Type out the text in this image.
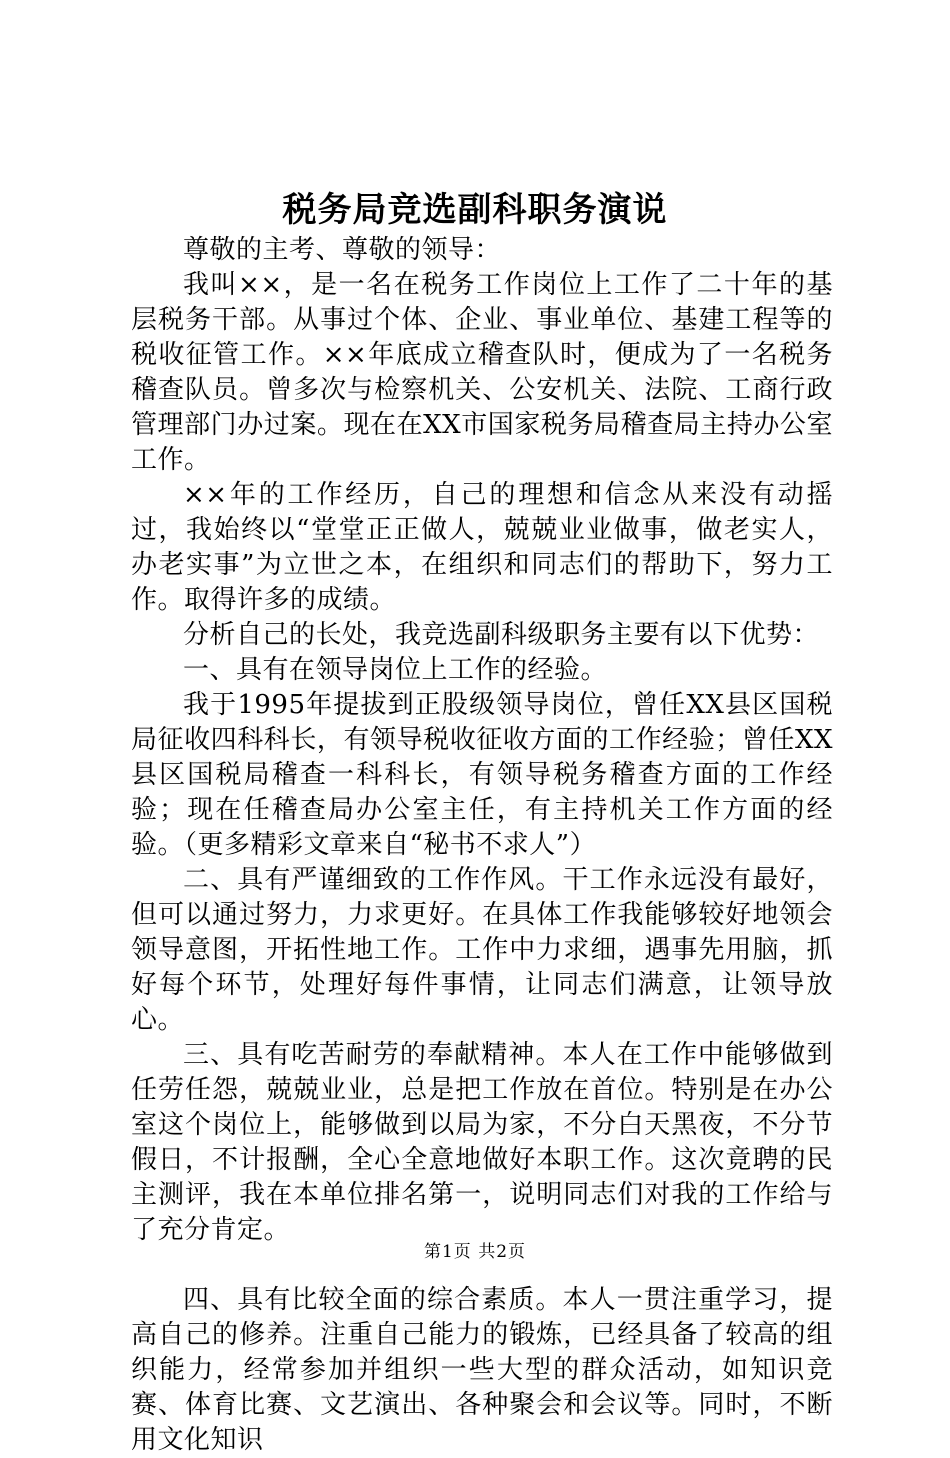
税务局竞选副科职务演说

尊敬的主考、尊敬的领导：

我叫××，是一名在税务工作岗位上工作了二十年的基层税务干部。从事过个体、企业、事业单位、基建工程等的税收征管工作。××年底成立稽查队时，便成为了一名税务稽查队员。曾多次与检察机关、公安机关、法院、工商行政管理部门办过案。现在在XX市国家税务局稽查局主持办公室工作。

××年的工作经历，自己的理想和信念从来没有动摇过，我始终以“堂堂正正做人，兢兢业业做事，做老实人，办老实事”为立世之本，在组织和同志们的帮助下，努力工作。取得许多的成绩。

分析自己的长处，我竞选副科级职务主要有以下优势：

一、具有在领导岗位上工作的经验。

我于1995年提拔到正股级领导岗位，曾任XX县区国税局征收四科科长，有领导税收征收方面的工作经验；曾任XX县区国税局稽查一科科长，有领导税务稽查方面的工作经验；现在任稽查局办公室主任，有主持机关工作方面的经验。（更多精彩文章来自“秘书不求人”）

二、具有严谨细致的工作作风。干工作永远没有最好，但可以通过努力，力求更好。在具体工作我能够较好地领会领导意图，开拓性地工作。工作中力求细，遇事先用脑，抓好每个环节，处理好每件事情，让同志们满意，让领导放心。

三、具有吃苦耐劳的奉献精神。本人在工作中能够做到任劳任怨，兢兢业业，总是把工作放在首位。特别是在办公室这个岗位上，能够做到以局为家，不分白天黑夜，不分节假日，不计报酬，全心全意地做好本职工作。这次竟聘的民主测评，我在本单位排名第一，说明同志们对我的工作给与了充分肯定。

四、具有比较全面的综合素质。本人一贯注重学习，提高自己的修养。注重自己能力的锻炼，已经具备了较高的组织能力，经常参加并组织一些大型的群众活动，如知识竞赛、体育比赛、文艺演出、各种聚会和会议等。同时，不断用文化知识

第1页 共2页
